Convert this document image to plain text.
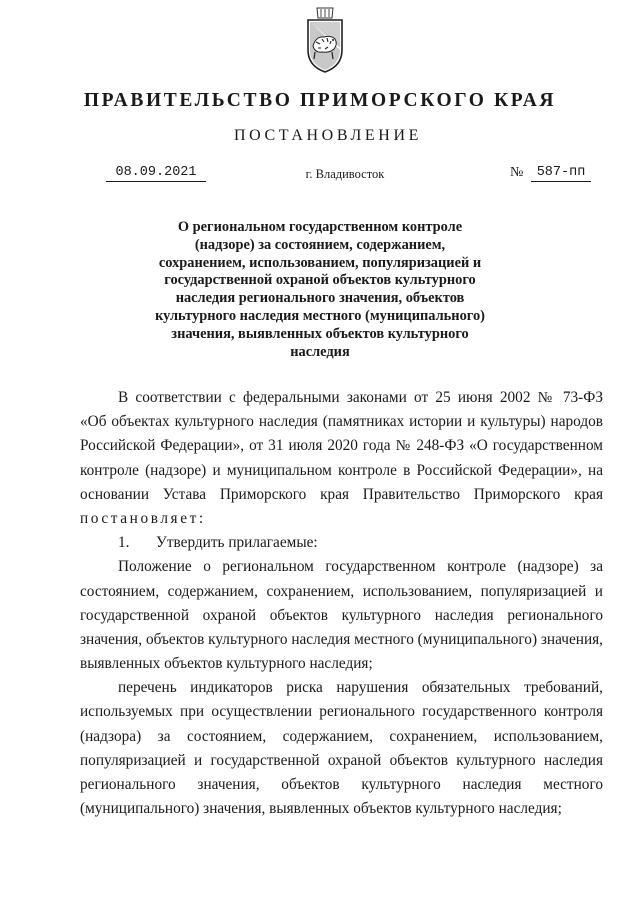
ПРАВИТЕЛЬСТВО ПРИМОРСКОГО КРАЯ
ПОСТАНОВЛЕНИЕ
08.09.2021	г. Владивосток	№ 587-пп
О региональном государственном контроле
(надзоре) за состоянием, содержанием,
сохранением, использованием, популяризацией и
государственной охраной объектов культурного
наследия регионального значения, объектов
культурного наследия местного (муниципального)
значения, выявленных объектов культурного
наследия
В соответствии с федеральными законами от 25 июня 2002 № 73-ФЗ
«Об объектах культурного наследия (памятниках истории и культуры) народов
Российской Федерации», от 31 июля 2020 года № 248-ФЗ «О государственном
контроле (надзоре) и муниципальном контроле в Российской Федерации», на
основании Устава Приморского края Правительство Приморского края
постановляет:
1. Утвердить прилагаемые:
Положение о региональном государственном контроле (надзоре) за
состоянием, содержанием, сохранением, использованием, популяризацией и
государственной охраной объектов культурного наследия регионального
значения, объектов культурного наследия местного (муниципального) значения,
выявленных объектов культурного наследия;
перечень индикаторов риска нарушения обязательных требований,
используемых при осуществлении регионального государственного контроля
(надзора) за состоянием, содержанием, сохранением, использованием,
популяризацией и государственной охраной объектов культурного наследия
регионального значения, объектов культурного наследия местного
(муниципального) значения, выявленных объектов культурного наследия;
